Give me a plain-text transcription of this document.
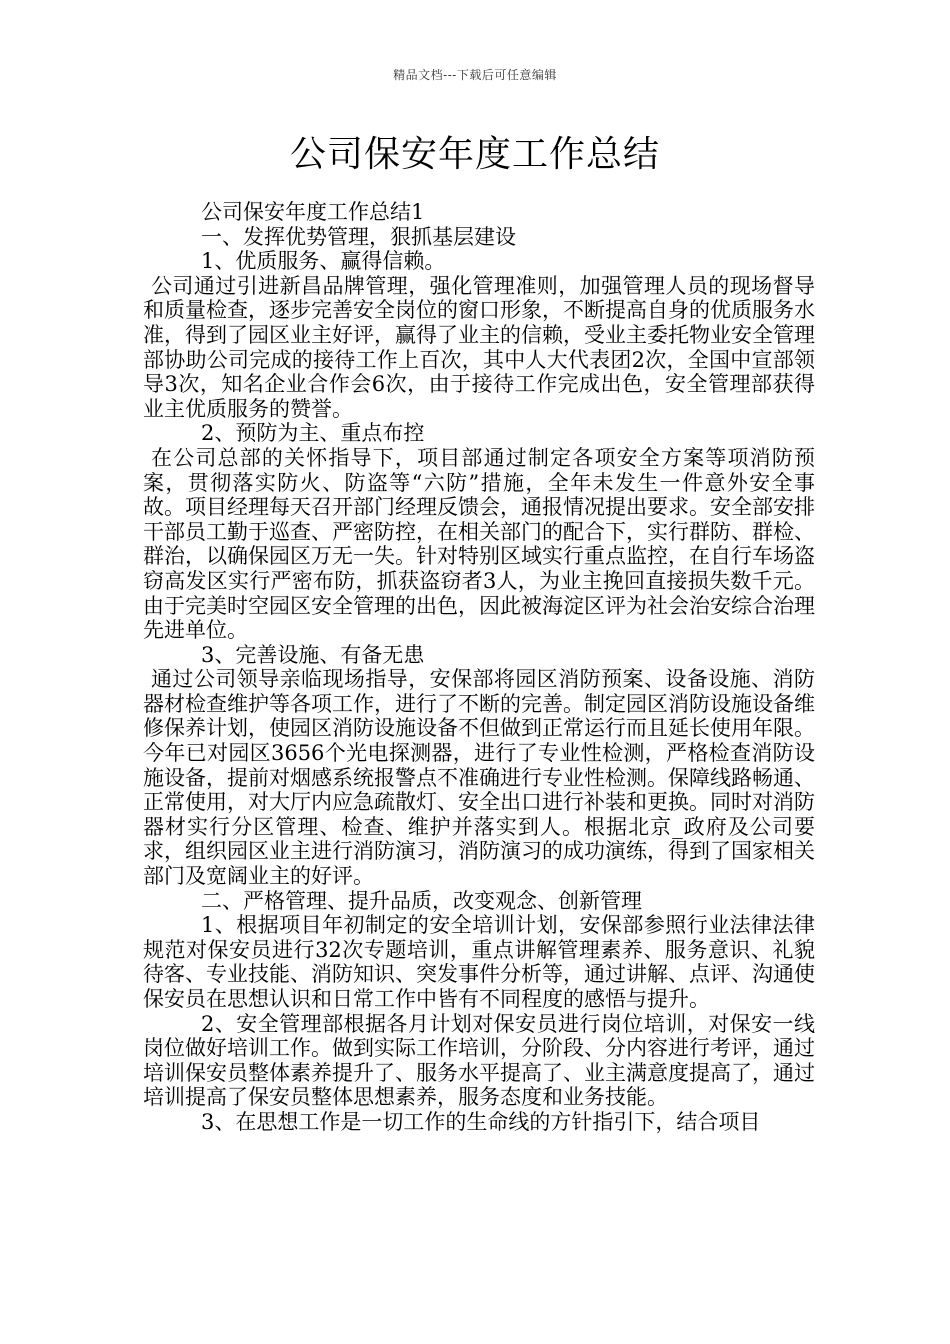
精品文档---下载后可任意编辑
公司保安年度工作总结

公司保安年度工作总结1

一、发挥优势管理，狠抓基层建设

1、优质服务、赢得信赖。

公司通过引进新昌品牌管理，强化管理准则，加强管理人员的现场督导和质量检查，逐步完善安全岗位的窗口形象，不断提高自身的优质服务水准，得到了园区业主好评，赢得了业主的信赖，受业主委托物业安全管理部协助公司完成的接待工作上百次，其中人大代表团2次，全国中宣部领导3次，知名企业合作会6次，由于接待工作完成出色，安全管理部获得业主优质服务的赞誉。

2、预防为主、重点布控

在公司总部的关怀指导下，项目部通过制定各项安全方案等项消防预案，贯彻落实防火、防盗等“六防”措施，全年未发生一件意外安全事故。项目经理每天召开部门经理反馈会，通报情况提出要求。安全部安排干部员工勤于巡查、严密防控，在相关部门的配合下，实行群防、群检、群治，以确保园区万无一失。针对特别区域实行重点监控，在自行车场盗窃高发区实行严密布防，抓获盗窃者3人，为业主挽回直接损失数千元。由于完美时空园区安全管理的出色，因此被海淀区评为社会治安综合治理先进单位。

3、完善设施、有备无患

通过公司领导亲临现场指导，安保部将园区消防预案、设备设施、消防器材检查维护等各项工作，进行了不断的完善。制定园区消防设施设备维修保养计划，使园区消防设施设备不但做到正常运行而且延长使用年限。今年已对园区3656个光电探测器，进行了专业性检测，严格检查消防设施设备，提前对烟感系统报警点不准确进行专业性检测。保障线路畅通、正常使用，对大厅内应急疏散灯、安全出口进行补装和更换。同时对消防器材实行分区管理、检查、维护并落实到人。根据北京_政府及公司要求，组织园区业主进行消防演习，消防演习的成功演练，得到了国家相关部门及宽阔业主的好评。

二、严格管理、提升品质，改变观念、创新管理

1、根据项目年初制定的安全培训计划，安保部参照行业法律法律规范对保安员进行32次专题培训，重点讲解管理素养、服务意识、礼貌待客、专业技能、消防知识、突发事件分析等，通过讲解、点评、沟通使保安员在思想认识和日常工作中皆有不同程度的感悟与提升。

2、安全管理部根据各月计划对保安员进行岗位培训，对保安一线岗位做好培训工作。做到实际工作培训，分阶段、分内容进行考评，通过培训保安员整体素养提升了、服务水平提高了、业主满意度提高了，通过培训提高了保安员整体思想素养，服务态度和业务技能。

3、在思想工作是一切工作的生命线的方针指引下，结合项目
